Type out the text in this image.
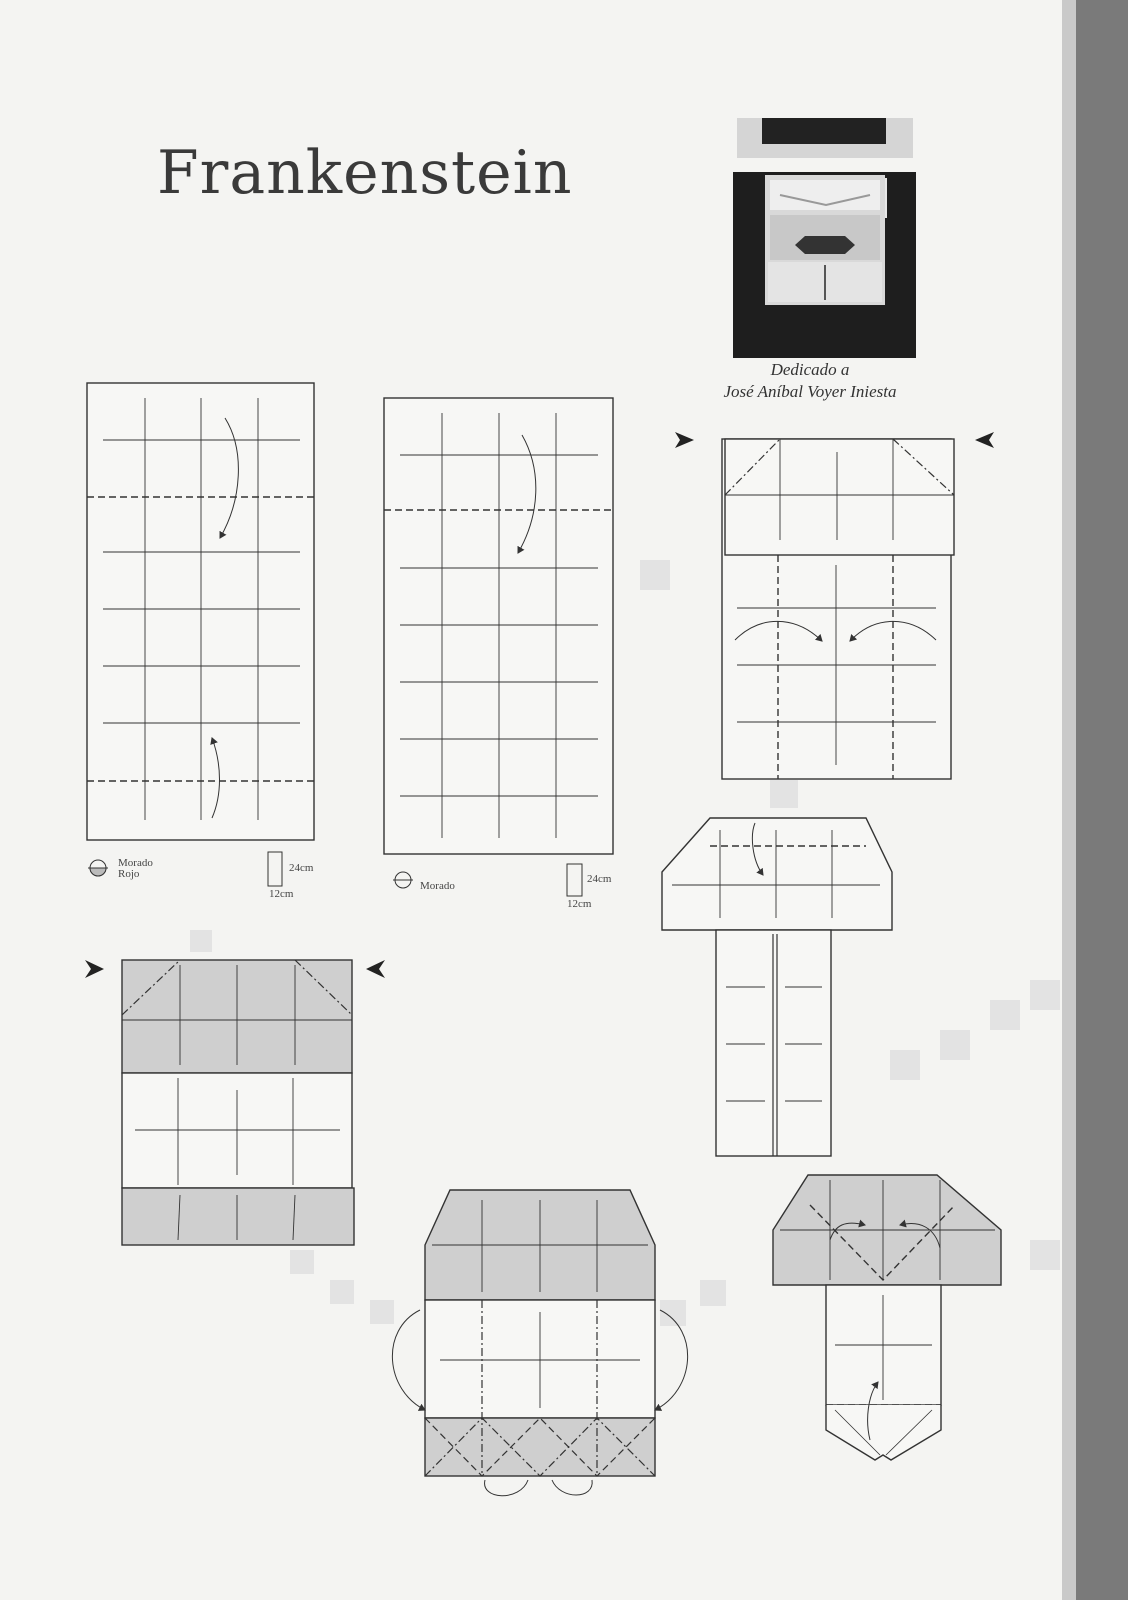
Frankenstein
Dedicado a
José Aníbal Voyer Iniesta
Morado
Rojo	24cm
12cm
Morado
24cm
12cm
